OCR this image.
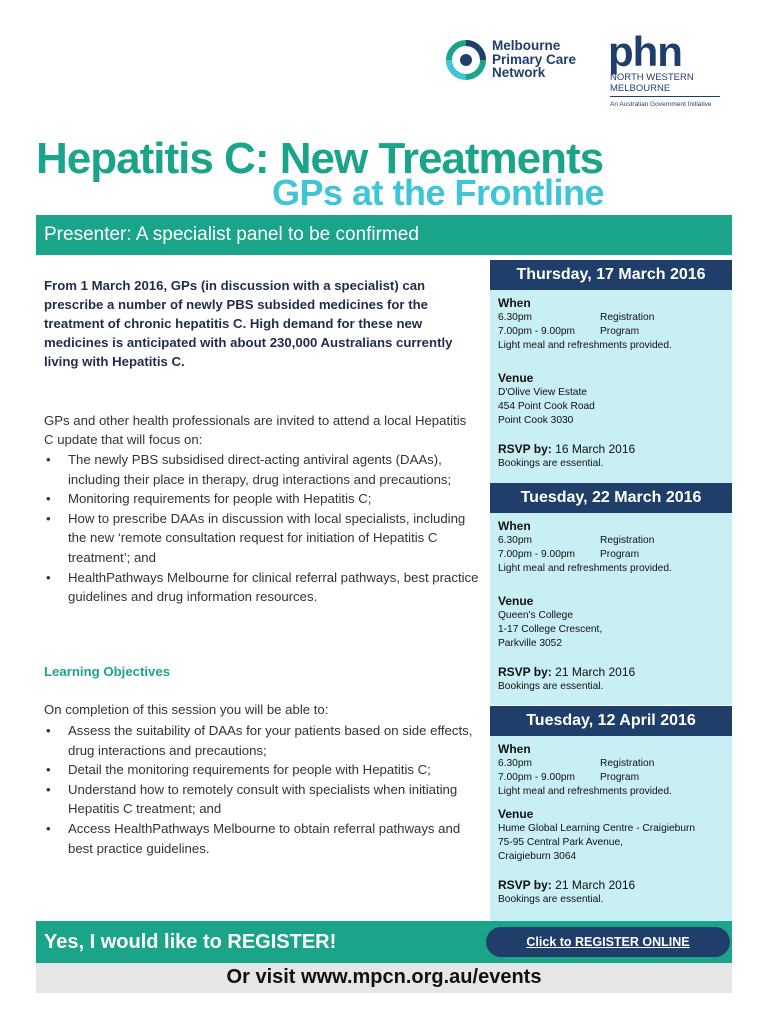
Melbourne
Primary Care
Network	phn
NORTH WESTERN
MELBOURNE
An Australian Government Initiative
Hepatitis C: New Treatments
GPs at the Frontline
Presenter: A specialist panel to be confirmed
From 1 March 2016, GPs (in discussion with a specialist) can prescribe a number of newly PBS subsided medicines for the treatment of chronic hepatitis C. High demand for these new medicines is anticipated with about 230,000 Australians currently living with Hepatitis C.
GPs and other health professionals are invited to attend a local Hepatitis C update that will focus on:
• The newly PBS subsidised direct-acting antiviral agents (DAAs), including their place in therapy, drug interactions and precautions;
• Monitoring requirements for people with Hepatitis C;
• How to prescribe DAAs in discussion with local specialists, including the new ‘remote consultation request for initiation of Hepatitis C treatment’; and
• HealthPathways Melbourne for clinical referral pathways, best practice guidelines and drug information resources.
Learning Objectives
On completion of this session you will be able to:
• Assess the suitability of DAAs for your patients based on side effects, drug interactions and precautions;
• Detail the monitoring requirements for people with Hepatitis C;
• Understand how to remotely consult with specialists when initiating Hepatitis C treatment; and
• Access HealthPathways Melbourne to obtain referral pathways and best practice guidelines.
Thursday, 17 March 2016
When
6.30pm	Registration
7.00pm - 9.00pm	Program
Light meal and refreshments provided.
Venue
D'Olive View Estate
454 Point Cook Road
Point Cook 3030
RSVP by: 16 March 2016
Bookings are essential.
Tuesday, 22 March 2016
When
6.30pm	Registration
7.00pm - 9.00pm	Program
Light meal and refreshments provided.
Venue
Queen's College
1-17 College Crescent,
Parkville 3052
RSVP by: 21 March 2016
Bookings are essential.
Tuesday, 12 April 2016
When
6.30pm	Registration
7.00pm - 9.00pm	Program
Light meal and refreshments provided.
Venue
Hume Global Learning Centre - Craigieburn
75-95 Central Park Avenue,
Craigieburn 3064
RSVP by: 21 March 2016
Bookings are essential.
Yes, I would like to REGISTER!	Click to REGISTER ONLINE
Or visit www.mpcn.org.au/events
